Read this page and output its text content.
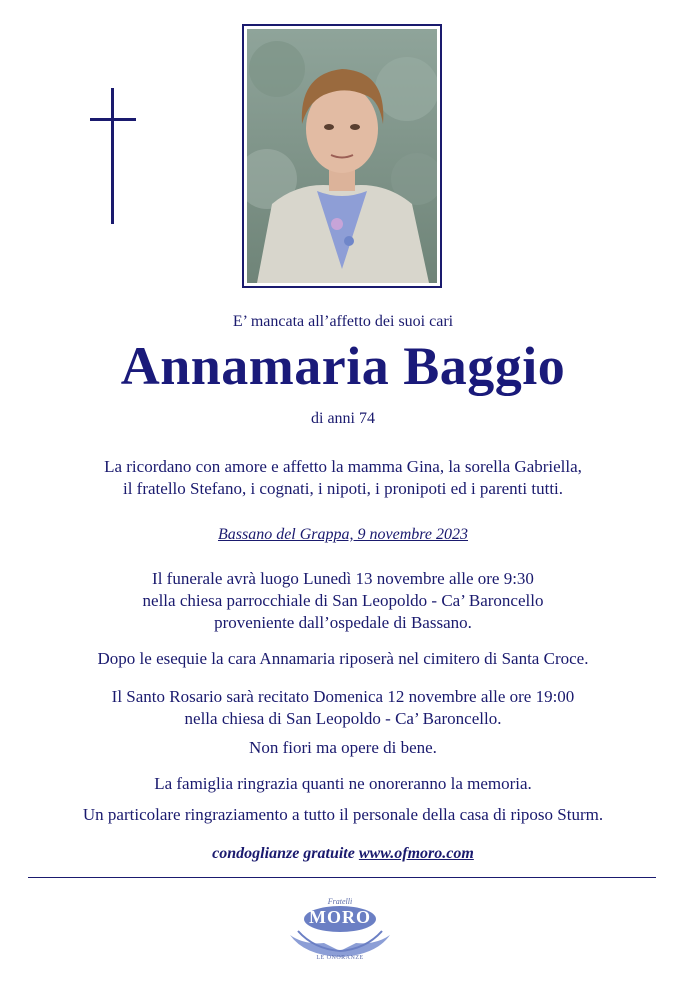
E’ mancata all’affetto dei suoi cari
Annamaria Baggio
di anni 74
La ricordano con amore e affetto la mamma Gina, la sorella Gabriella,
il fratello Stefano, i cognati, i nipoti, i pronipoti ed i parenti tutti.
Bassano del Grappa, 9 novembre 2023
Il funerale avrà luogo Lunedì 13 novembre alle ore 9:30
nella chiesa parrocchiale di San Leopoldo - Ca’ Baroncello
proveniente dall’ospedale di Bassano.
Dopo le esequie la cara Annamaria riposerà nel cimitero di Santa Croce.
Il Santo Rosario sarà recitato Domenica 12 novembre alle ore 19:00
nella chiesa di San Leopoldo - Ca’ Baroncello.
Non fiori ma opere di bene.
La famiglia ringrazia quanti ne onoreranno la memoria.
Un particolare ringraziamento a tutto il personale della casa di riposo Sturm.
condoglianze gratuite www.ofmoro.com
Fratelli
MORO
LE ONORANZE
